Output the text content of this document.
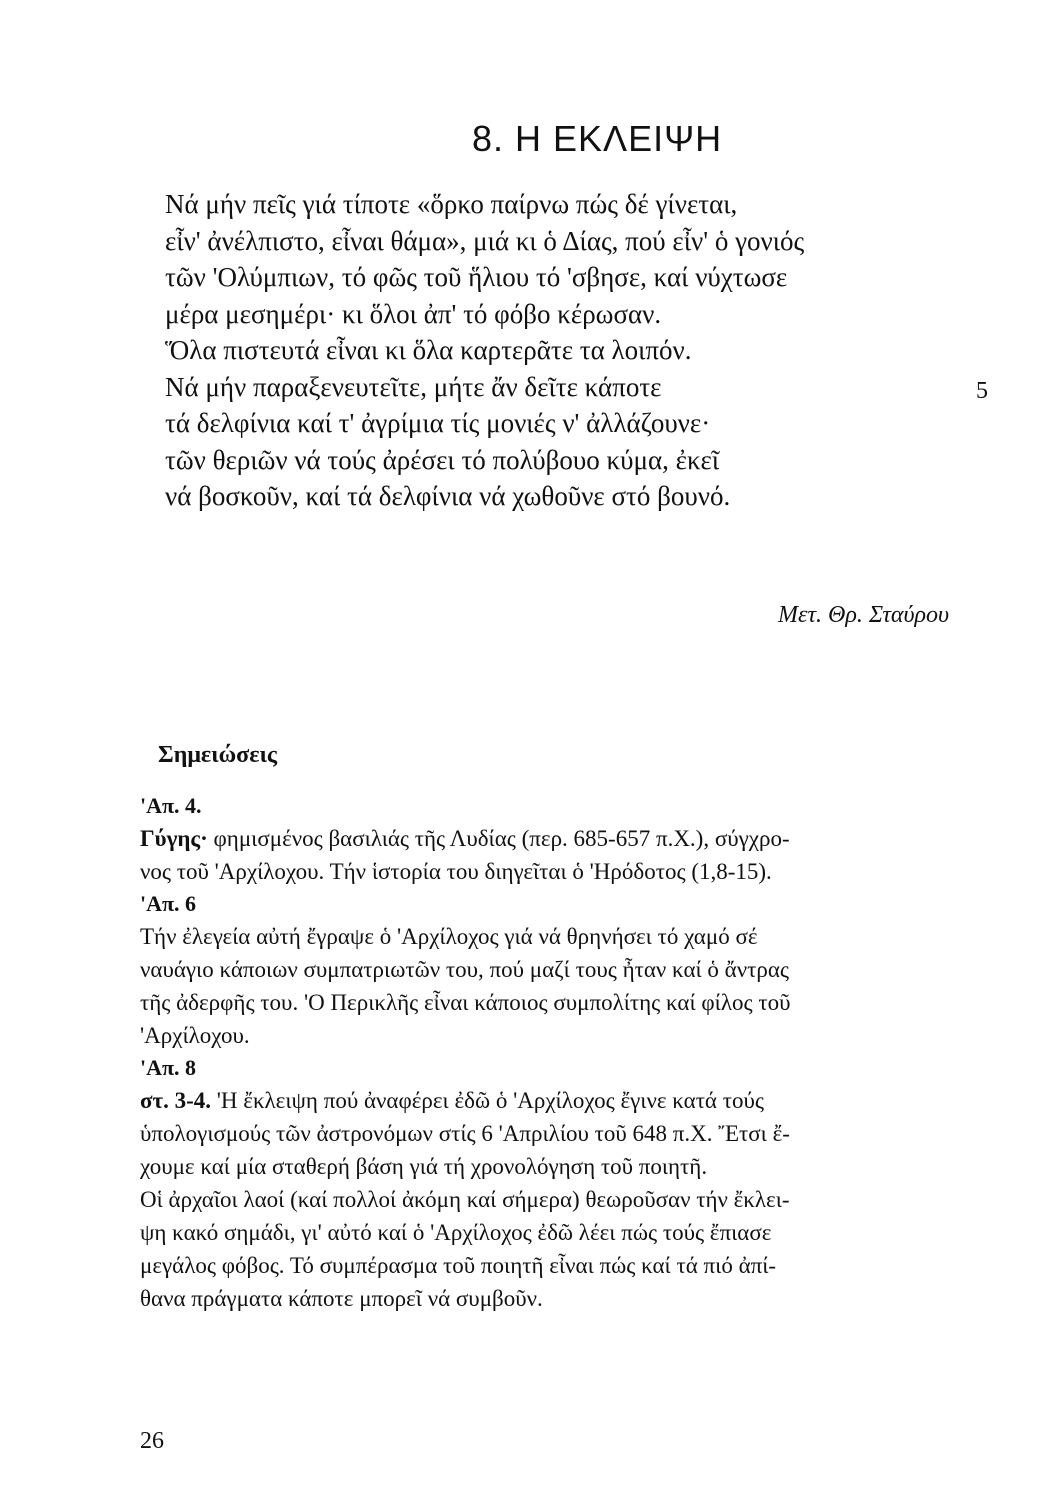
8. Η ΕΚΛΕΙΨΗ
Νά μήν πεῖς γιά τίποτε «ὅρκο παίρνω πώς δέ γίνεται,
εἶν' ἀνέλπιστο, εἶναι θάμα», μιά κι ὁ Δίας, πού εἶν' ὁ γονιός
τῶν 'Ολύμπιων, τό φῶς τοῦ ἥλιου τό 'σβησε, καί νύχτωσε
μέρα μεσημέρι· κι ὅλοι ἀπ' τό φόβο κέρωσαν.
Ὅλα πιστευτά εἶναι κι ὅλα καρτερᾶτε τα λοιπόν.
Νά μήν παραξενευτεῖτε, μήτε ἄν δεῖτε κάποτε
τά δελφίνια καί τ' ἀγρίμια τίς μονιές ν' ἀλλάζουνε·
τῶν θεριῶν νά τούς ἀρέσει τό πολύβουο κύμα, ἐκεῖ
νά βοσκοῦν, καί τά δελφίνια νά χωθοῦνε στό βουνό.
5
Μετ. Θρ. Σταύρου
Σημειώσεις
'Απ. 4.
Γύγης· φημισμένος βασιλιάς τῆς Λυδίας (περ. 685-657 π.Χ.), σύγχρο-
νος τοῦ 'Αρχίλοχου. Τήν ἱστορία του διηγεῖται ὁ 'Ηρόδοτος (1,8-15).
'Απ. 6
Τήν ἐλεγεία αὐτή ἔγραψε ὁ 'Αρχίλοχος γιά νά θρηνήσει τό χαμό σέ
ναυάγιο κάποιων συμπατριωτῶν του, πού μαζί τους ἦταν καί ὁ ἄντρας
τῆς ἀδερφῆς του. 'Ο Περικλῆς εἶναι κάποιος συμπολίτης καί φίλος τοῦ
'Αρχίλοχου.
'Απ. 8
στ. 3-4. 'Η ἔκλειψη πού ἀναφέρει ἐδῶ ὁ 'Αρχίλοχος ἔγινε κατά τούς
ὑπολογισμούς τῶν ἀστρονόμων στίς 6 'Απριλίου τοῦ 648 π.Χ. Ἔτσι ἔ-
χουμε καί μία σταθερή βάση γιά τή χρονολόγηση τοῦ ποιητῆ.
Οἱ ἀρχαῖοι λαοί (καί πολλοί ἀκόμη καί σήμερα) θεωροῦσαν τήν ἔκλει-
ψη κακό σημάδι, γι' αὐτό καί ὁ 'Αρχίλοχος ἐδῶ λέει πώς τούς ἔπιασε
μεγάλος φόβος. Τό συμπέρασμα τοῦ ποιητῆ εἶναι πώς καί τά πιό ἀπί-
θανα πράγματα κάποτε μπορεῖ νά συμβοῦν.
26
